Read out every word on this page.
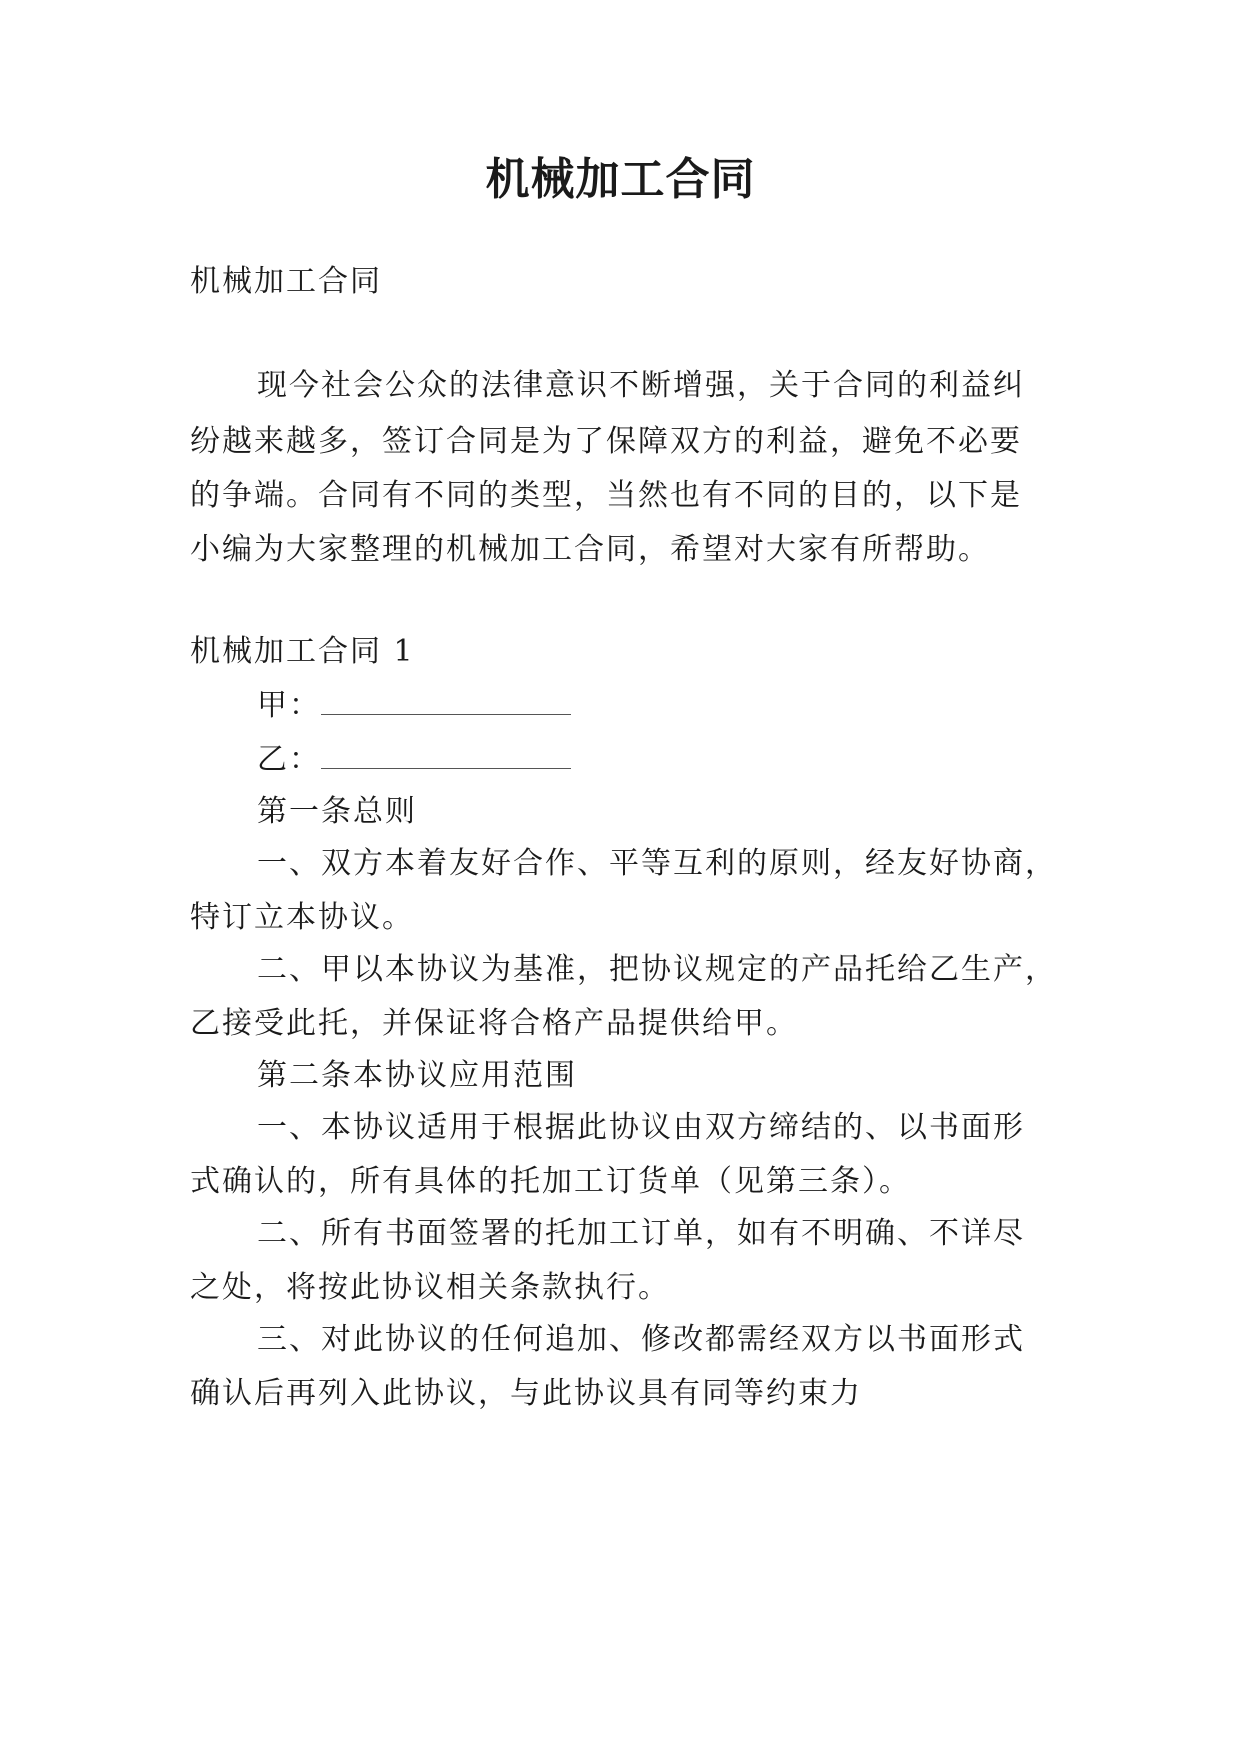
机械加工合同
机械加工合同
现今社会公众的法律意识不断增强，关于合同的利益纠
纷越来越多，签订合同是为了保障双方的利益，避免不必要
的争端。合同有不同的类型，当然也有不同的目的，以下是
小编为大家整理的机械加工合同，希望对大家有所帮助。
机械加工合同 1
甲：
乙：
第一条总则
一、双方本着友好合作、平等互利的原则，经友好协商，
特订立本协议。
二、甲以本协议为基准，把协议规定的产品托给乙生产，
乙接受此托，并保证将合格产品提供给甲。
第二条本协议应用范围
一、本协议适用于根据此协议由双方缔结的、以书面形
式确认的，所有具体的托加工订货单（见第三条）。
二、所有书面签署的托加工订单，如有不明确、不详尽
之处，将按此协议相关条款执行。
三、对此协议的任何追加、修改都需经双方以书面形式
确认后再列入此协议，与此协议具有同等约束力
